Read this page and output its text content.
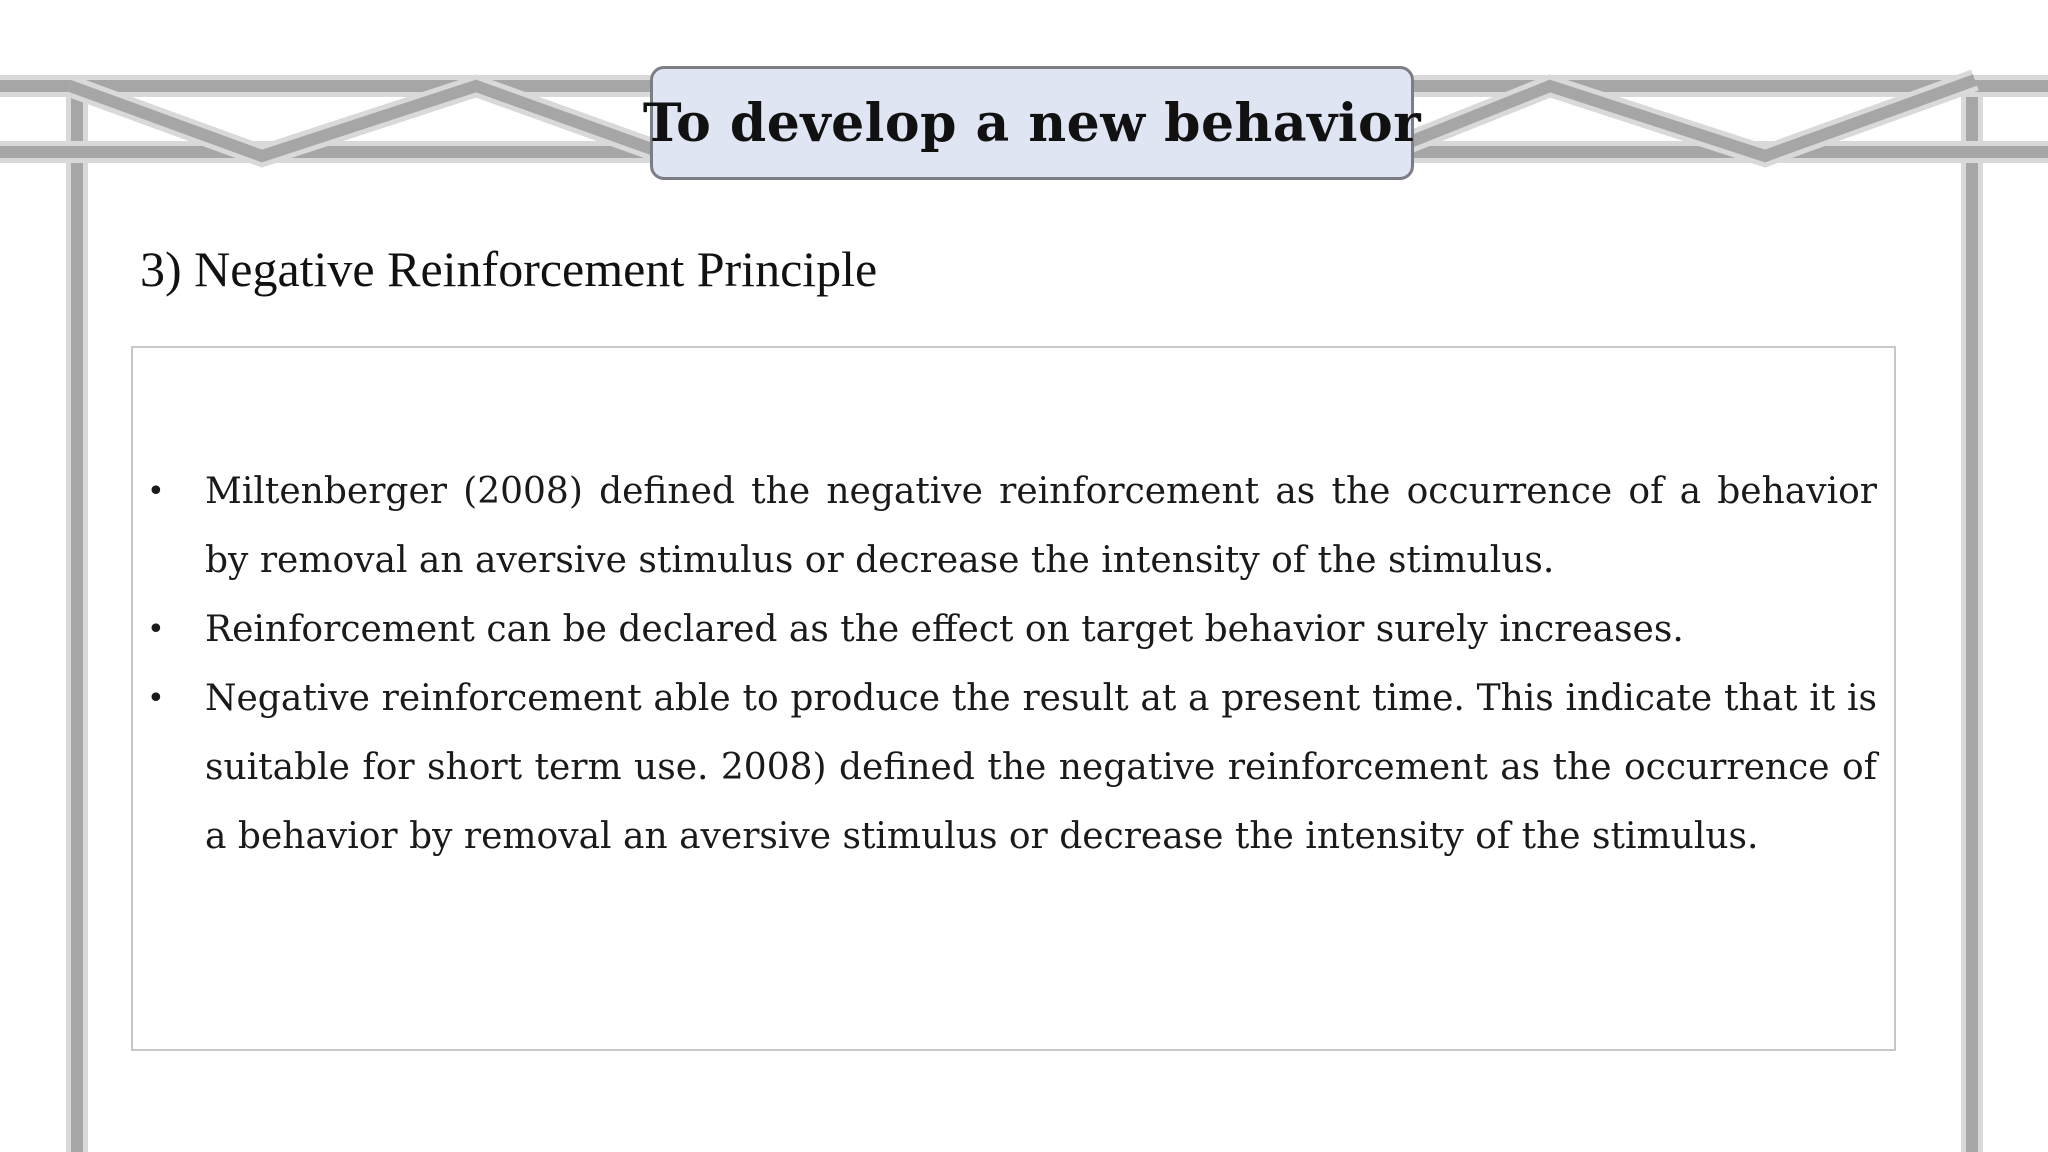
To develop a new behavior
3) Negative Reinforcement Principle
• Miltenberger (2008) defined the negative reinforcement as the occurrence of a behavior by removal an aversive stimulus or decrease the intensity of the stimulus.
• Reinforcement can be declared as the effect on target behavior surely increases.
• Negative reinforcement able to produce the result at a present time. This indicate that it is suitable for short term use. 2008) defined the negative reinforcement as the occurrence of a behavior by removal an aversive stimulus or decrease the intensity of the stimulus.
